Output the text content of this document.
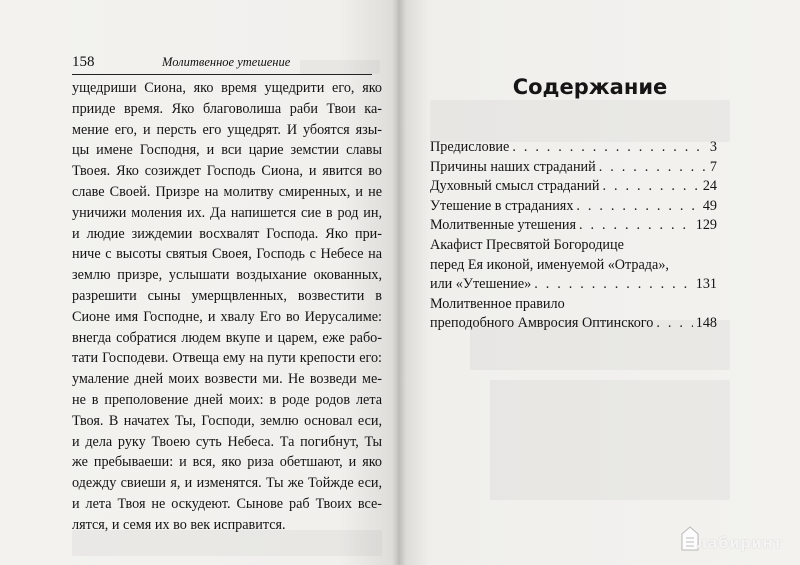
158	Молитвенное утешение
ущедриши Сиона, яко время ущедрити его, яко
прииде время. Яко благоволиша раби Твои ка-
мение его, и персть его ущедрят. И убоятся язы-
цы имене Господня, и вси царие земстии славы
Твоея. Яко созиждет Господь Сиона, и явится во
славе Своей. Призре на молитву смиренных, и не
уничижи моления их. Да напишется сие в род ин,
и людие зиждемии восхвалят Господа. Яко при-
ниче с высоты святыя Своея, Господь с Небесе на
землю призре, услышати воздыхание окованных,
разрешити сыны умерщвленных, возвестити в
Сионе имя Господне, и хвалу Его во Иерусалиме:
внегда собратися людем вкупе и царем, еже рабо-
тати Господеви. Отвеща ему на пути крепости его:
умаление дней моих возвести ми. Не возведи ме-
не в преполовение дней моих: в роде родов лета
Твоя. В начатех Ты, Господи, землю основал еси,
и дела руку Твоею суть Небеса. Та погибнут, Ты
же пребываеши: и вся, яко риза обетшают, и яко
одежду свиеши я, и изменятся. Ты же Тойжде еси,
и лета Твоя не оскудеют. Сынове раб Твоих все-
лятся, и семя их во век исправится.
Содержание
Предисловие . . .	3
Причины наших страданий . . .	7
Духовный смысл страданий . . .	24
Утешение в страданиях . . .	49
Молитвенные утешения . . .	129
Акафист Пресвятой Богородице
перед Ея иконой, именуемой «Отрада»,
или «Утешение» . . .	131
Молитвенное правило
преподобного Амвросия Оптинского . . .	148
лабиринт
